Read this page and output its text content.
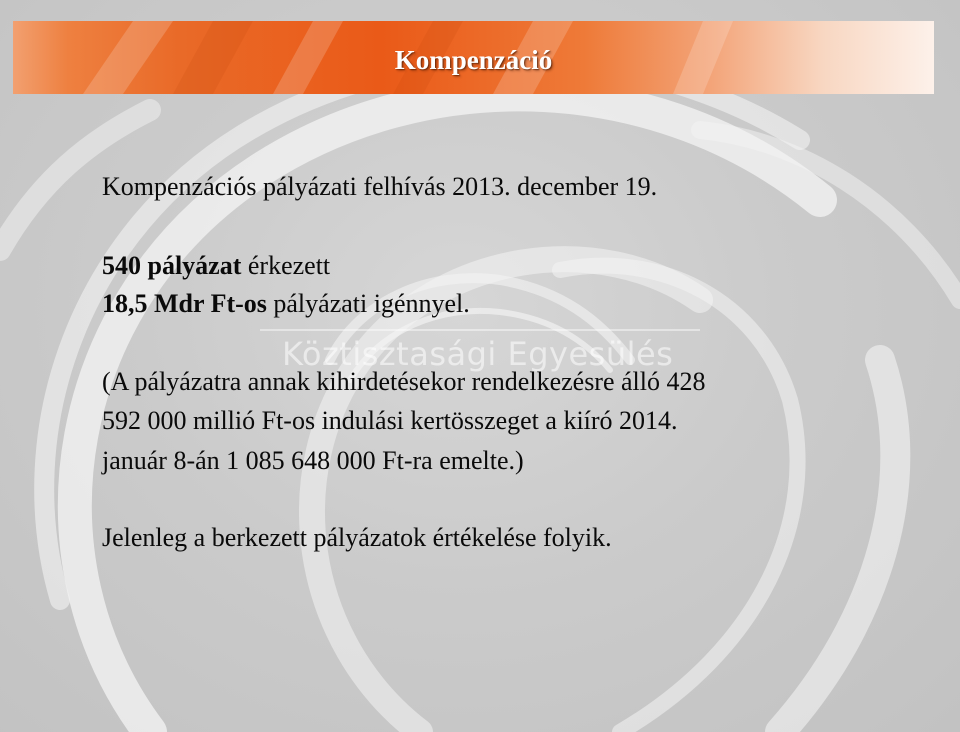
Kompenzáció
Köztisztasági Egyesülés
Kompenzációs pályázati felhívás 2013. december 19.
540 pályázat érkezett
18,5 Mdr Ft-os pályázati igénnyel.
(A pályázatra annak kihirdetésekor rendelkezésre álló 428
592 000 millió Ft-os indulási kertösszeget a kiíró 2014.
január 8-án 1 085 648 000 Ft-ra emelte.)
Jelenleg a berkezett pályázatok értékelése folyik.
